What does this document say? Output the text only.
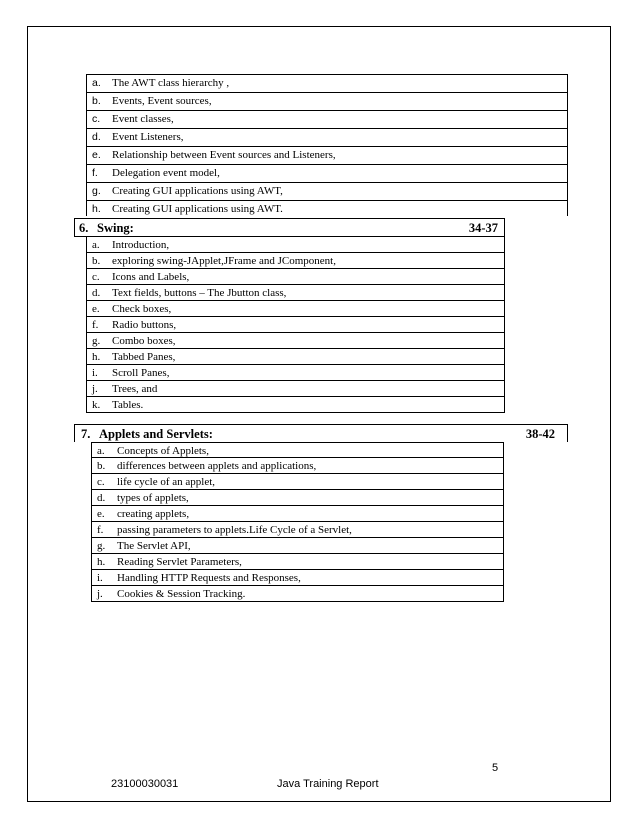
a. The AWT class hierarchy ,
b. Events, Event sources,
c. Event classes,
d. Event Listeners,
e. Relationship between Event sources and Listeners,
f. Delegation event model,
g. Creating GUI applications using AWT,
h. Creating GUI applications using AWT.
6. Swing:	34-37
a. Introduction,
b. exploring swing-JApplet,JFrame and JComponent,
c. Icons and Labels,
d. Text fields, buttons – The Jbutton class,
e. Check boxes,
f. Radio buttons,
g. Combo boxes,
h. Tabbed Panes,
i. Scroll Panes,
j. Trees, and
k. Tables.
7. Applets and Servlets:	38-42
a. Concepts of Applets,
b. differences between applets and applications,
c. life cycle of an applet,
d. types of applets,
e. creating applets,
f. passing parameters to applets.Life Cycle of a Servlet,
g. The Servlet API,
h. Reading Servlet Parameters,
i. Handling HTTP Requests and Responses,
j. Cookies & Session Tracking.
5
23100030031	Java Training Report
